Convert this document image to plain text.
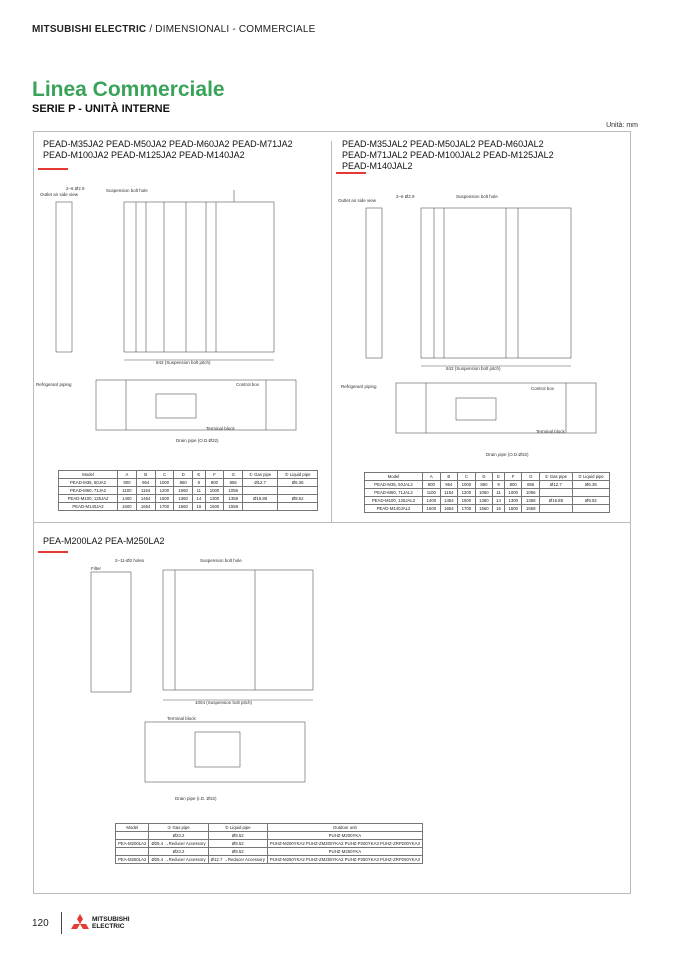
MITSUBISHI ELECTRIC / DIMENSIONALI - COMMERCIALE
Linea Commerciale
SERIE P - UNITÀ INTERNE
Unità: mm
PEAD-M35JA2 PEAD-M50JA2 PEAD-M60JA2 PEAD-M71JA2
PEAD-M100JA2 PEAD-M125JA2 PEAD-M140JA2
Suspension bolt hole
2–6 Ø2.9
Outlet air side view
843 (Suspension bolt pitch)
Refrigerant piping	Control box
Terminal block
Drain pipe (O.D.Ø32)
Model	A	B	C	D	E	F	G	① Gas pipe	② Liquid pipe
PEAD-M35, 50JA2	900	954	1000	860	9	800	856	Ø12.7	Ø6.35
PEAD-M60, 71JA2	1100	1154	1200	1060	11	1000	1056		
PEAD-M100, 125JA2	1400	1454	1500	1360	14	1300	1358	Ø15.88	Ø9.52
PEAD-M140JA2	1600	1654	1700	1560	16	1500	1558		
PEAD-M35JAL2 PEAD-M50JAL2 PEAD-M60JAL2
PEAD-M71JAL2 PEAD-M100JAL2 PEAD-M125JAL2
PEAD-M140JAL2
2–6 Ø2.9	Suspension bolt hole
Outlet air side view
843 (Suspension bolt pitch)
Refrigerant piping	Control box
Terminal block
Drain pipe (O.D.Ø32)
Model	A	B	C	D	E	F	G	① Gas pipe	② Liquid pipe
PEAD-M35, 50JAL2	900	954	1000	860	9	800	856	Ø12.7	Ø6.35
PEAD-M60, 71JAL2	1100	1154	1200	1060	11	1000	1056		
PEAD-M100, 125JAL2	1400	1454	1500	1360	14	1300	1358	Ø15.88	Ø9.52
PEAD-M140JAL2	1600	1654	1700	1560	16	1500	1558		
PEA-M200LA2 PEA-M250LA2
2–11-Ø2 holes	Suspension bolt hole
Filter
1004 (Suspension bolt pitch)
Terminal block
Drain pipe (I.D. Ø32)
Model	① Gas pipe	② Liquid pipe	Outdoor unit
	Ø23.2	Ø9.52	PUHZ-M200YKA
PEA-M200LA2	Ø25.4 →Reducer Accessory	Ø9.52	PUHZ-M200YKA2 PUHZ-ZM200YKA2 PUHZ-P200YKA3 PUHZ-ZRP200YKA3
	Ø23.2	Ø9.52	PUHZ-M250YKA
PEA-M250LA2	Ø25.4 →Reducer Accessory	Ø12.7 →Reducer Accessory	PUHZ-M250YKA2 PUHZ-ZM250YKA2 PUHZ-P250YKA3 PUHZ-ZRP250YKA3
120	MITSUBISHI
ELECTRIC
